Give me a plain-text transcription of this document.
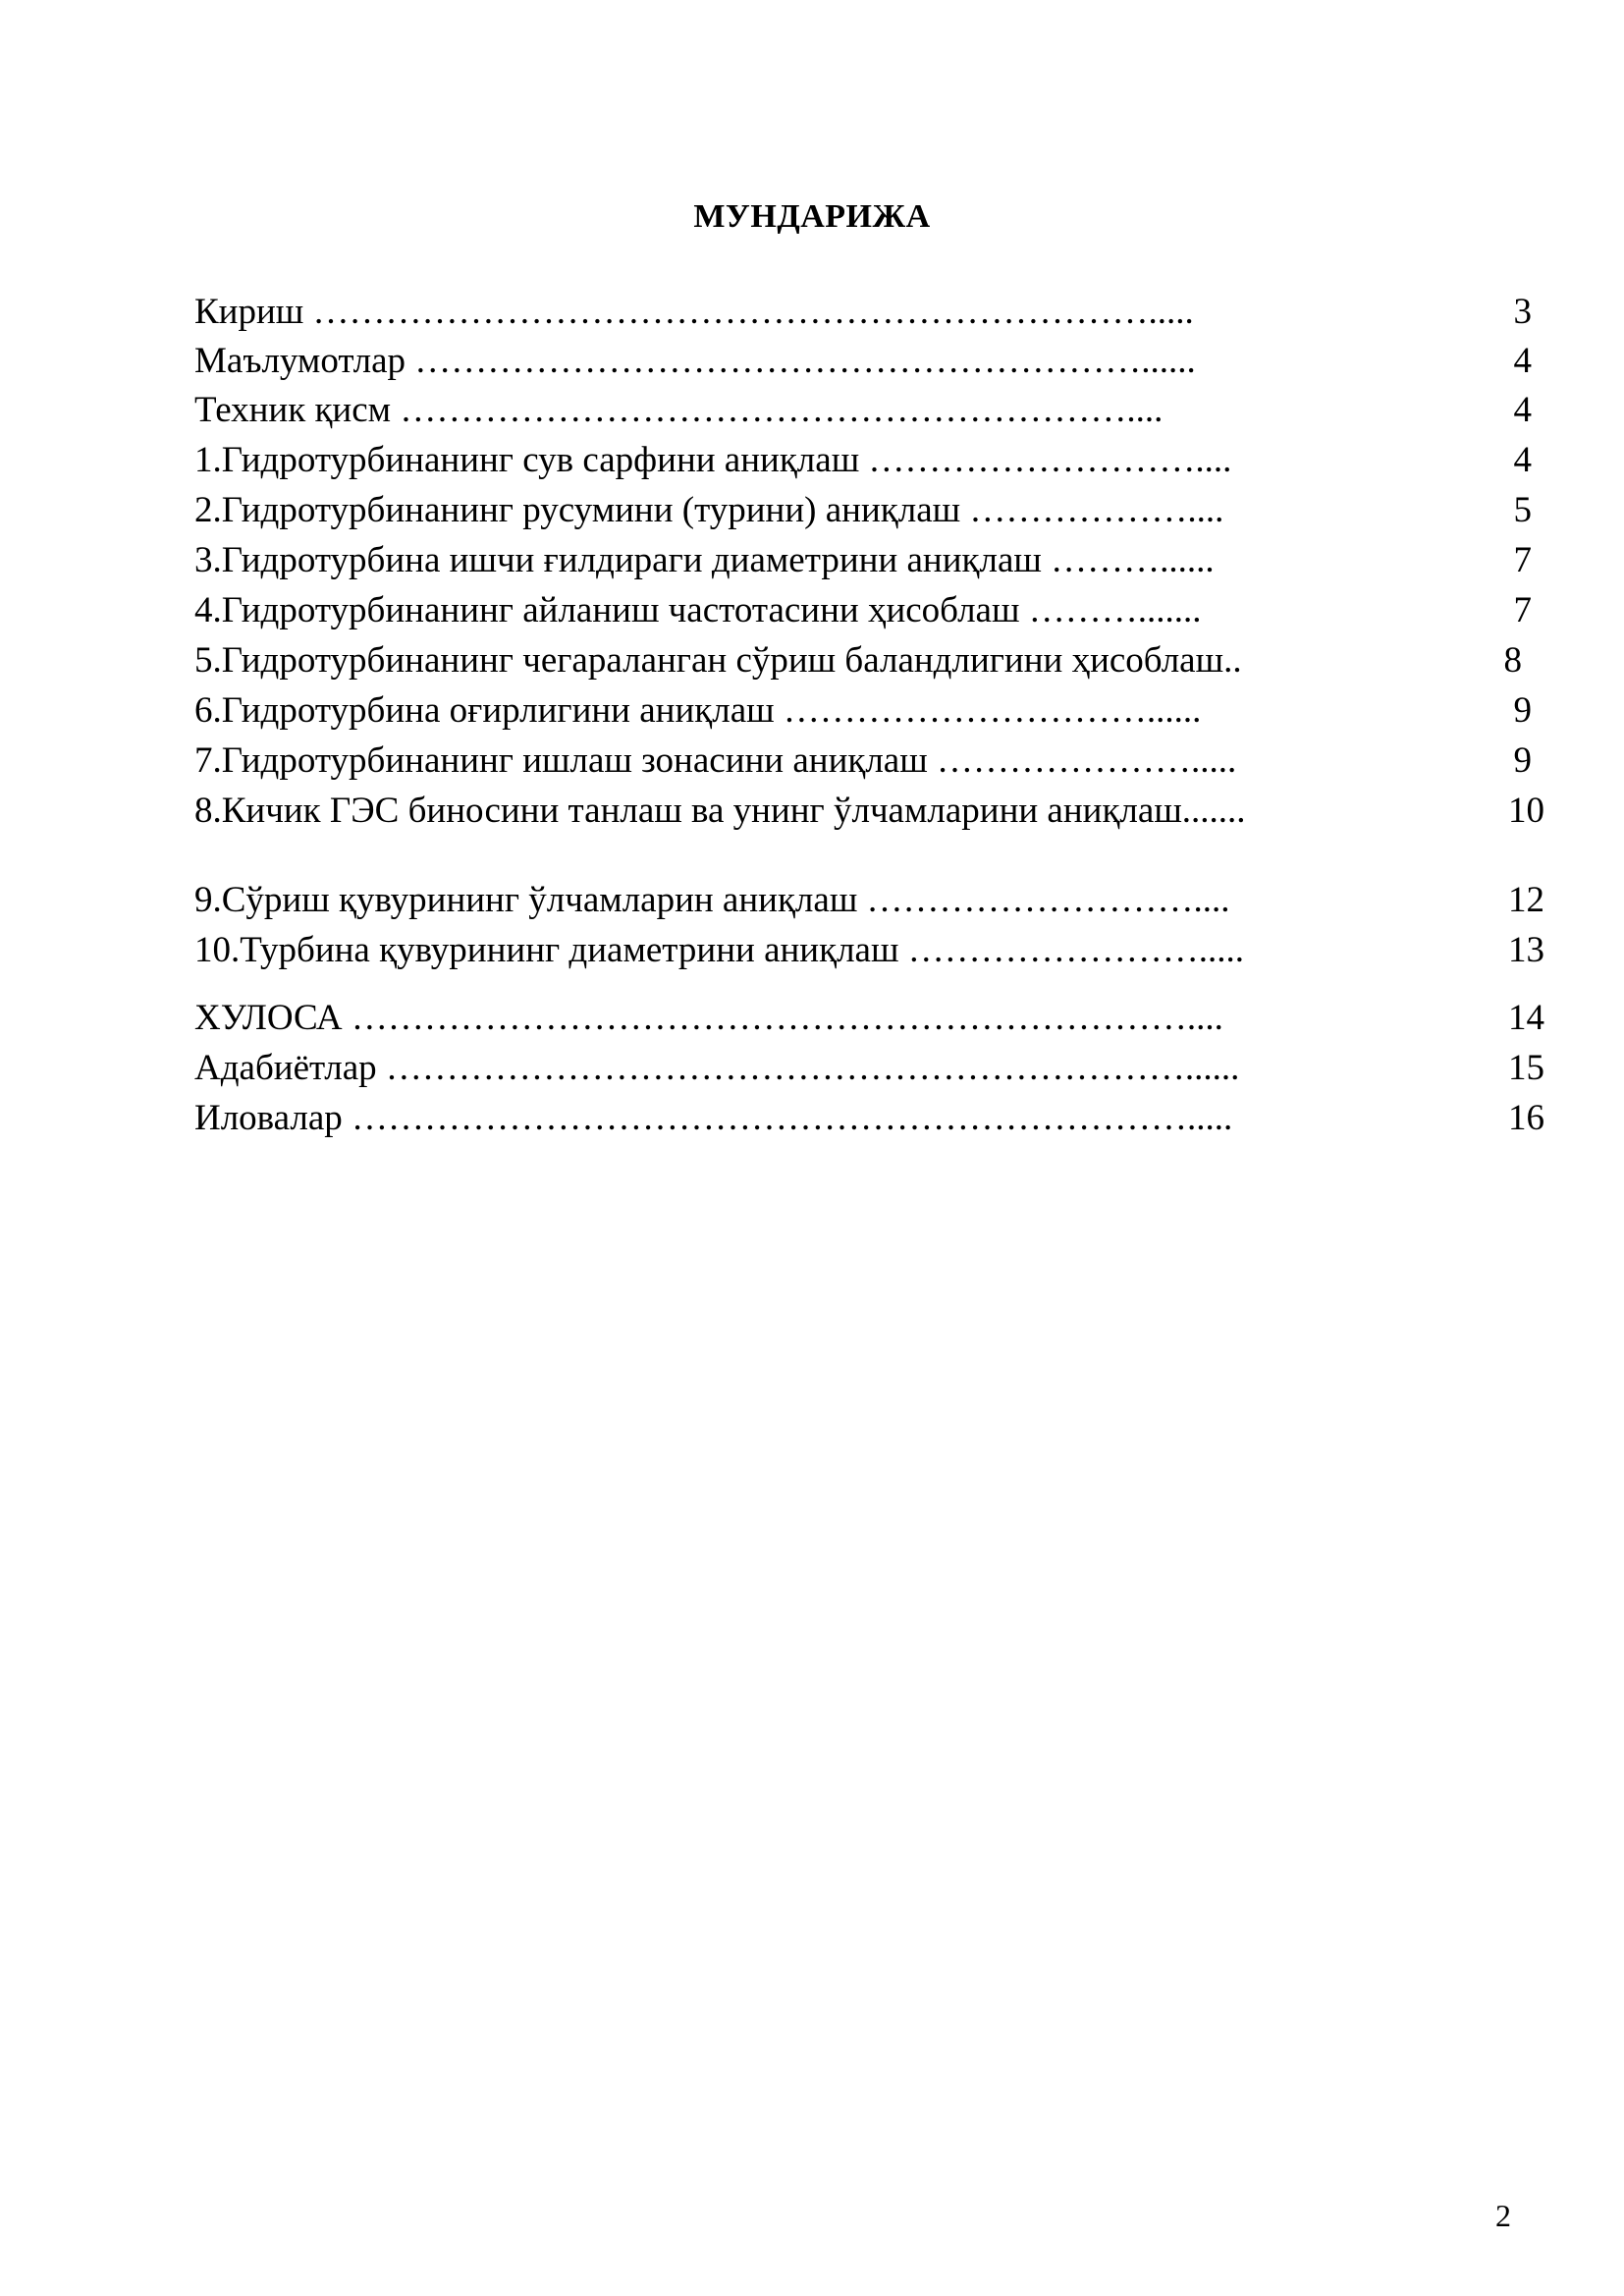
МУНДАРИЖА
Кириш …………………………………………………………….....	3
Маълумотлар ……………………………………………………......	4
Техник қисм ……………………………………………………....	4
1.Гидротурбинанинг сув сарфини аниқлаш ………………………....	4
2.Гидротурбинанинг русумини (турини) аниқлаш ………………....	5
3.Гидротурбина ишчи ғилдираги диаметрини аниқлаш ………......	7
4.Гидротурбинанинг айланиш частотасини ҳисоблаш ……….......	7
5.Гидротурбинанинг чегараланган сўриш баландлигини ҳисоблаш..	8
6.Гидротурбина оғирлигини аниқлаш …………………………......	9
7.Гидротурбинанинг ишлаш зонасини аниқлаш ………………….....	9
8.Кичик ГЭС биносини танлаш ва унинг ўлчамларини аниқлаш.......	10
9.Сўриш қувурининг ўлчамларин аниқлаш ………………………....	12
10.Турбина қувурининг диаметрини аниқлаш …………………….....	13
ХУЛОСА ……………………………………………………………....	14
Адабиётлар …………………………………………………………......	15
Иловалар …………………………………………………………….....	16
2
